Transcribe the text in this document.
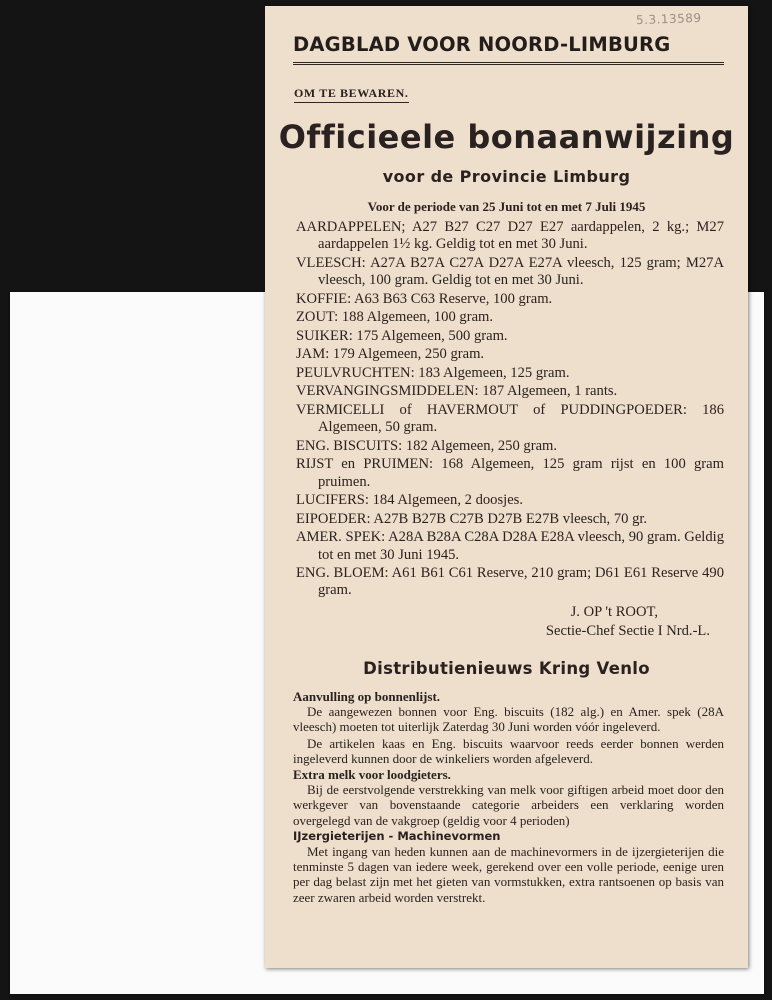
5.3.13589
DAGBLAD VOOR NOORD-LIMBURG
OM TE BEWAREN.
Officieele bonaanwijzing
voor de Provincie Limburg
Voor de periode van 25 Juni tot en met 7 Juli 1945

AARDAPPELEN; A27 B27 C27 D27 E27 aardappelen, 2 kg.; M27 aardappelen 1½ kg. Geldig tot en met 30 Juni.

VLEESCH: A27A B27A C27A D27A E27A vleesch, 125 gram; M27A vleesch, 100 gram. Geldig tot en met 30 Juni.

KOFFIE: A63 B63 C63 Reserve, 100 gram.

ZOUT: 188 Algemeen, 100 gram.

SUIKER: 175 Algemeen, 500 gram.

JAM: 179 Algemeen, 250 gram.

PEULVRUCHTEN: 183 Algemeen, 125 gram.

VERVANGINGSMIDDELEN: 187 Algemeen, 1 rants.

VERMICELLI of HAVERMOUT of PUDDINGPOEDER: 186 Algemeen, 50 gram.

ENG. BISCUITS: 182 Algemeen, 250 gram.

RIJST en PRUIMEN: 168 Algemeen, 125 gram rijst en 100 gram pruimen.

LUCIFERS: 184 Algemeen, 2 doosjes.

EIPOEDER: A27B B27B C27B D27B E27B vleesch, 70 gr.

AMER. SPEK: A28A B28A C28A D28A E28A vleesch, 90 gram. Geldig tot en met 30 Juni 1945.

ENG. BLOEM: A61 B61 C61 Reserve, 210 gram; D61 E61 Reserve 490 gram.

J. OP 't ROOT,
Sectie-Chef Sectie I Nrd.-L.
Distributienieuws Kring Venlo

Aanvulling op bonnenlijst.

De aangewezen bonnen voor Eng. biscuits (182 alg.) en Amer. spek (28A vleesch) moeten tot uiterlijk Zaterdag 30 Juni worden vóór ingeleverd.

De artikelen kaas en Eng. biscuits waarvoor reeds eerder bonnen werden ingeleverd kunnen door de winkeliers worden afgeleverd.

Extra melk voor loodgieters.

Bij de eerstvolgende verstrekking van melk voor giftigen arbeid moet door den werkgever van bovenstaande categorie arbeiders een verklaring worden overgelegd van de vakgroep (geldig voor 4 perioden)

IJzergieterijen - Machinevormen

Met ingang van heden kunnen aan de machinevormers in de ijzergieterijen die tenminste 5 dagen van iedere week, gerekend over een volle periode, eenige uren per dag belast zijn met het gieten van vormstukken, extra rantsoenen op basis van zeer zwaren arbeid worden verstrekt.
